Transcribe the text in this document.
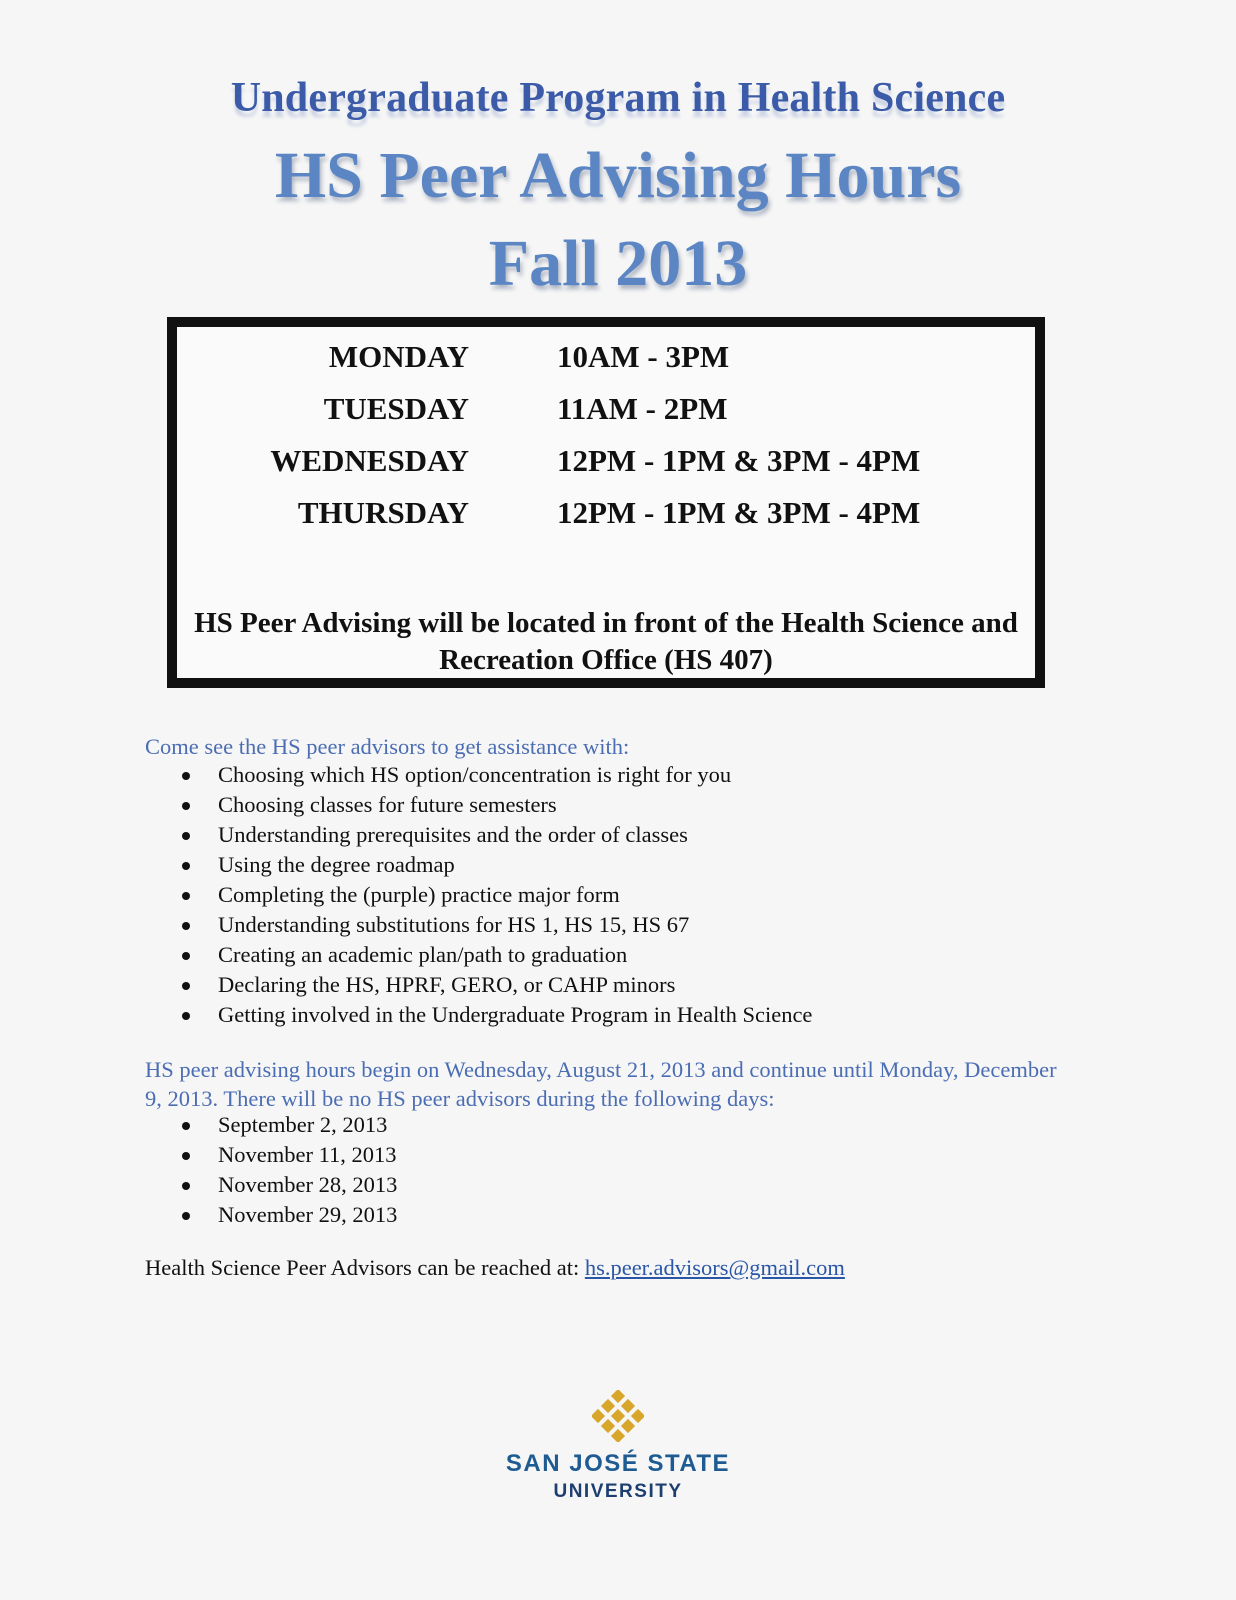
Undergraduate Program in Health Science
HS Peer Advising Hours
Fall 2013
MONDAY	10AM - 3PM
TUESDAY	11AM - 2PM
WEDNESDAY	12PM - 1PM & 3PM - 4PM
THURSDAY	12PM - 1PM & 3PM - 4PM
HS Peer Advising will be located in front of the Health Science and Recreation Office (HS 407)
Come see the HS peer advisors to get assistance with:
Choosing which HS option/concentration is right for you
Choosing classes for future semesters
Understanding prerequisites and the order of classes
Using the degree roadmap
Completing the (purple) practice major form
Understanding substitutions for HS 1, HS 15, HS 67
Creating an academic plan/path to graduation
Declaring the HS, HPRF, GERO, or CAHP minors
Getting involved in the Undergraduate Program in Health Science
HS peer advising hours begin on Wednesday, August 21, 2013 and continue until Monday, December 9, 2013. There will be no HS peer advisors during the following days:
September 2, 2013
November 11, 2013
November 28, 2013
November 29, 2013
Health Science Peer Advisors can be reached at: hs.peer.advisors@gmail.com
SAN JOSÉ STATE
UNIVERSITY
